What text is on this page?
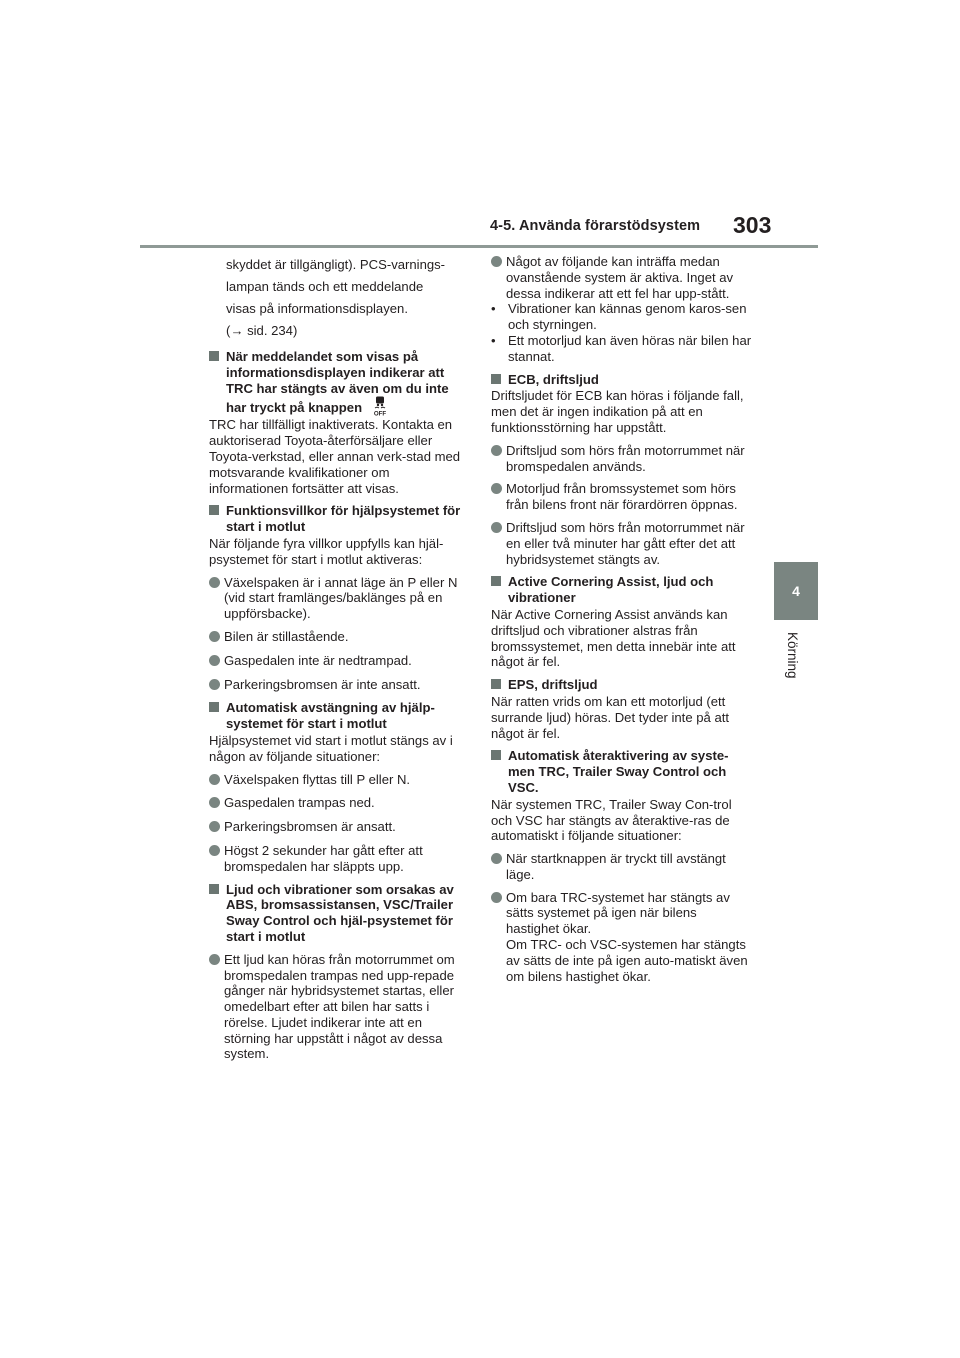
4-5. Använda förarstödsystem 303
4
Körning

skyddet är tillgängligt). PCS-varnings-

lampan tänds och ett meddelande

visas på informationsdisplayen.

(→ sid. 234)

När meddelandet som visas på informationsdisplayen indikerar att TRC har stängts av även om du inte har tryckt på knappen OFF

TRC har tillfälligt inaktiverats. Kontakta en auktoriserad Toyota-återförsäljare eller Toyota-verkstad, eller annan verk-stad med motsvarande kvalifikationer om informationen fortsätter att visas.

Funktionsvillkor för hjälpsystemet för start i motlut

När följande fyra villkor uppfylls kan hjäl-psystemet för start i motlut aktiveras:

Växelspaken är i annat läge än P eller N (vid start framlänges/baklänges på en uppförsbacke).
Bilen är stillastående.
Gaspedalen inte är nedtrampad.
Parkeringsbromsen är inte ansatt.
Automatisk avstängning av hjälp-systemet för start i motlut

Hjälpsystemet vid start i motlut stängs av i någon av följande situationer:

Växelspaken flyttas till P eller N.
Gaspedalen trampas ned.
Parkeringsbromsen är ansatt.
Högst 2 sekunder har gått efter att bromspedalen har släppts upp.
Ljud och vibrationer som orsakas av ABS, bromsassistansen, VSC/Trailer Sway Control och hjäl-psystemet för start i motlut
Ett ljud kan höras från motorrummet om bromspedalen trampas ned upp-repade gånger när hybridsystemet startas, eller omedelbart efter att bilen har satts i rörelse. Ljudet indikerar inte att en störning har uppstått i något av dessa system.
Något av följande kan inträffa medan ovanstående system är aktiva. Inget av dessa indikerar att ett fel har upp-stått.
• Vibrationer kan kännas genom karos-sen och styrningen.
• Ett motorljud kan även höras när bilen har stannat.
ECB, driftsljud

Driftsljudet för ECB kan höras i följande fall, men det är ingen indikation på att en funktionsstörning har uppstått.

Driftsljud som hörs från motorrummet när bromspedalen används.
Motorljud från bromssystemet som hörs från bilens front när förardörren öppnas.
Driftsljud som hörs från motorrummet när en eller två minuter har gått efter det att hybridsystemet stängts av.
Active Cornering Assist, ljud och vibrationer

När Active Cornering Assist används kan driftsljud och vibrationer alstras från bromssystemet, men detta innebär inte att något är fel.

EPS, driftsljud

När ratten vrids om kan ett motorljud (ett surrande ljud) höras. Det tyder inte på att något är fel.

Automatisk återaktivering av syste-men TRC, Trailer Sway Control och VSC.

När systemen TRC, Trailer Sway Con-trol och VSC har stängts av återaktive-ras de automatiskt i följande situationer:

När startknappen är tryckt till avstängt läge.
Om bara TRC-systemet har stängts av sätts systemet på igen när bilens hastighet ökar.
Om TRC- och VSC-systemen har stängts av sätts de inte på igen auto-matiskt även om bilens hastighet ökar.
